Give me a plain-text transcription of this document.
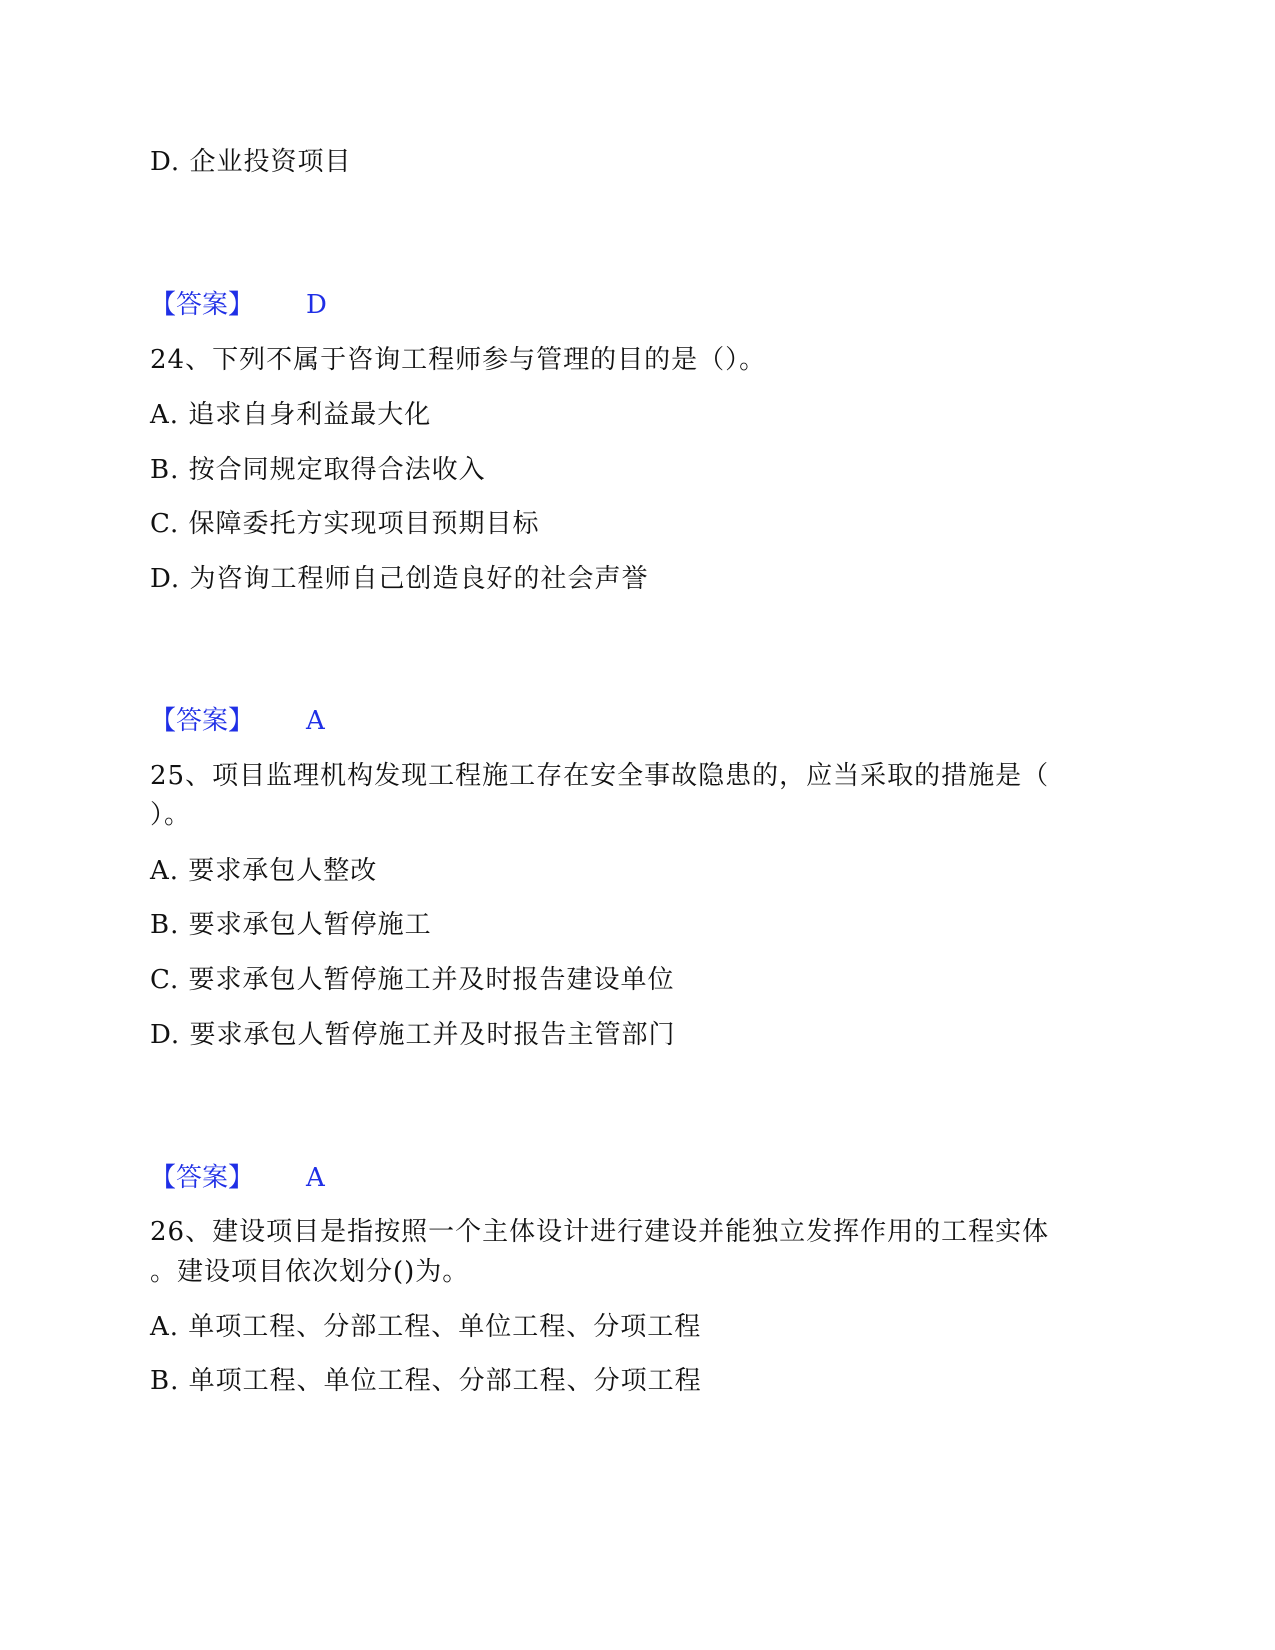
D. 企业投资项目
【答案】 D
24、下列不属于咨询工程师参与管理的目的是（）。
A. 追求自身利益最大化
B. 按合同规定取得合法收入
C. 保障委托方实现项目预期目标
D. 为咨询工程师自己创造良好的社会声誉
【答案】 A
25、项目监理机构发现工程施工存在安全事故隐患的，应当采取的措施是（
）。
A. 要求承包人整改
B. 要求承包人暂停施工
C. 要求承包人暂停施工并及时报告建设单位
D. 要求承包人暂停施工并及时报告主管部门
【答案】 A
26、建设项目是指按照一个主体设计进行建设并能独立发挥作用的工程实体
。建设项目依次划分()为。
A. 单项工程、分部工程、单位工程、分项工程
B. 单项工程、单位工程、分部工程、分项工程
